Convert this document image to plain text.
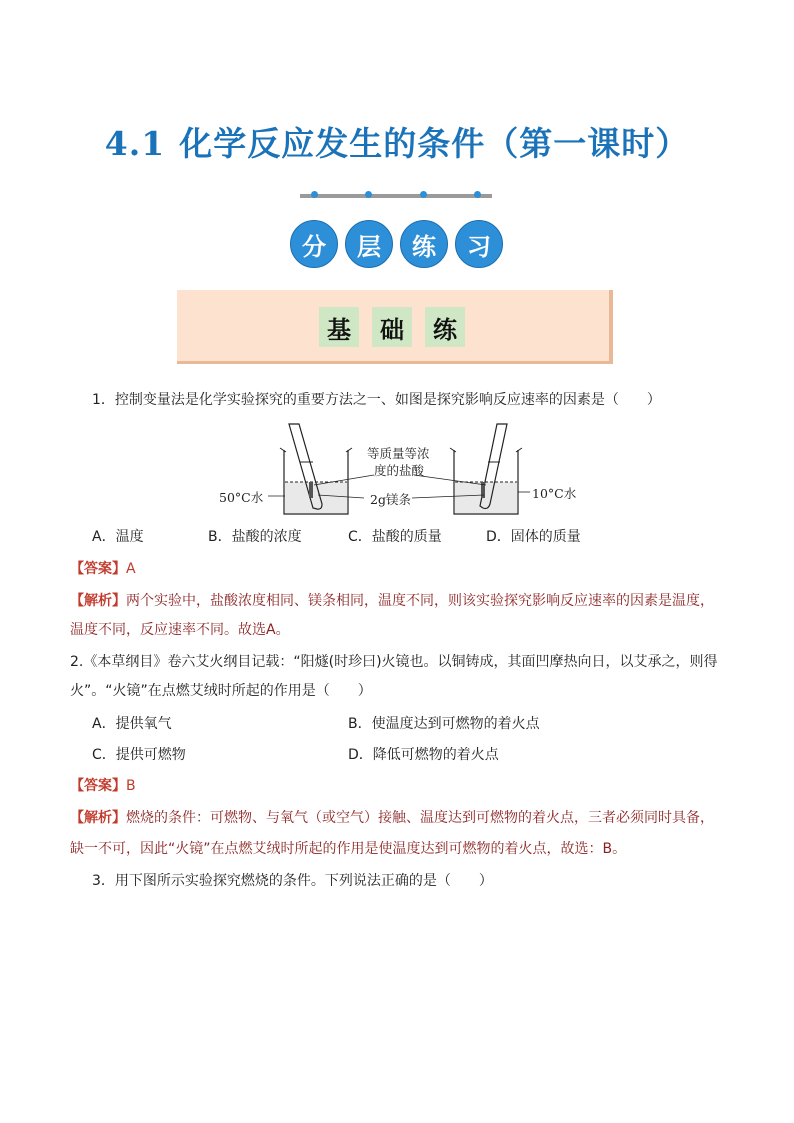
4.1 化学反应发生的条件（第一课时）
分	层	练	习
基	础	练
1．控制变量法是化学实验探究的重要方法之一、如图是探究影响反应速率的因素是（　　）
等质量等浓
度的盐酸
2g镁条
50°C水	10°C水
A．温度	B．盐酸的浓度	C．盐酸的质量	D．固体的质量
【答案】A
【解析】两个实验中，盐酸浓度相同、镁条相同，温度不同，则该实验探究影响反应速率的因素是温度，
温度不同，反应速率不同。故选A。
2.《本草纲目》卷六艾火纲目记载：“阳燧(时珍曰)火镜也。以铜铸成，其面凹摩热向日，以艾承之，则得
火”。“火镜”在点燃艾绒时所起的作用是（　　）
A．提供氧气	B．使温度达到可燃物的着火点
C．提供可燃物	D．降低可燃物的着火点
【答案】B
【解析】燃烧的条件：可燃物、与氧气（或空气）接触、温度达到可燃物的着火点，三者必须同时具备，
缺一不可，因此“火镜”在点燃艾绒时所起的作用是使温度达到可燃物的着火点，故选：B。
3．用下图所示实验探究燃烧的条件。下列说法正确的是（　　）
